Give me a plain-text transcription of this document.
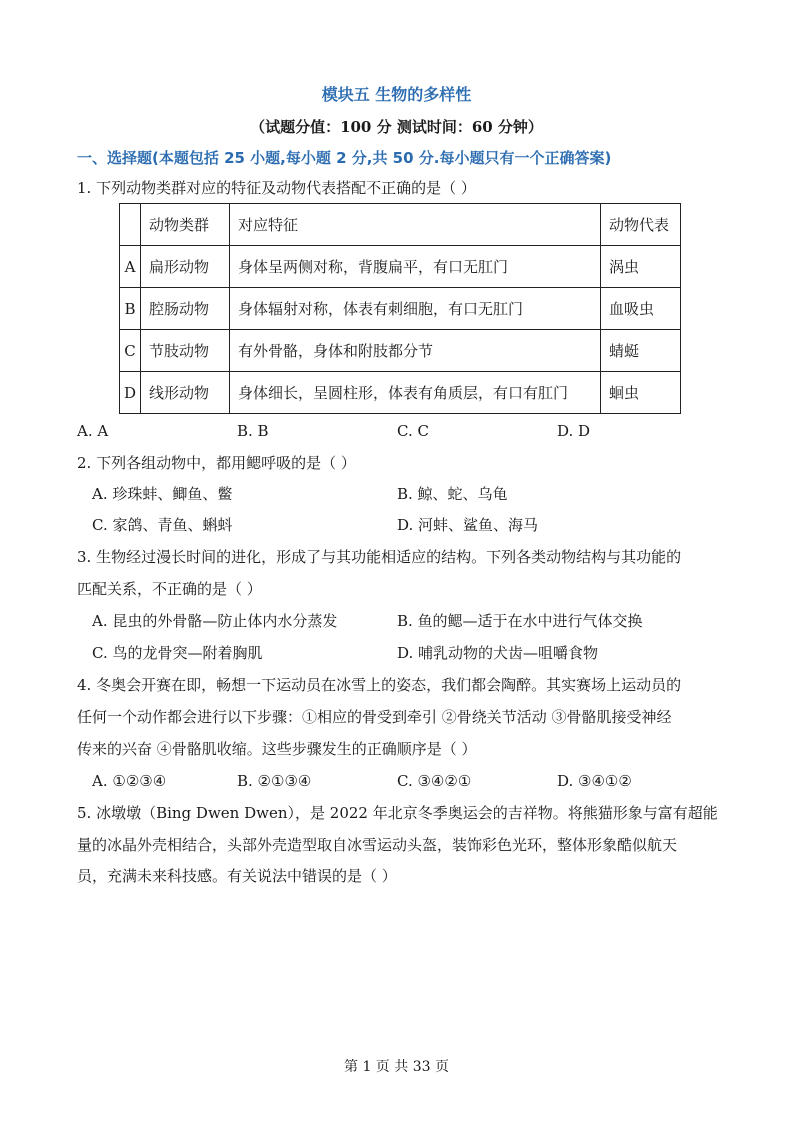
模块五 生物的多样性
（试题分值：100 分 测试时间：60 分钟）
一、选择题(本题包括 25 小题,每小题 2 分,共 50 分.每小题只有一个正确答案)
1. 下列动物类群对应的特征及动物代表搭配不正确的是（ ）
	动物类群	对应特征	动物代表
A	扁形动物	身体呈两侧对称，背腹扁平，有口无肛门	涡虫
B	腔肠动物	身体辐射对称，体表有刺细胞，有口无肛门	血吸虫
C	节肢动物	有外骨骼，身体和附肢都分节	蜻蜓
D	线形动物	身体细长，呈圆柱形，体表有角质层，有口有肛门	蛔虫
A. A	B. B	C. C	D. D
2. 下列各组动物中，都用鳃呼吸的是（ ）
A. 珍珠蚌、鲫鱼、鳖	B. 鲸、蛇、乌龟
C. 家鸽、青鱼、蝌蚪	D. 河蚌、鲨鱼、海马
3. 生物经过漫长时间的进化，形成了与其功能相适应的结构。下列各类动物结构与其功能的
匹配关系，不正确的是（ ）
A. 昆虫的外骨骼—防止体内水分蒸发	B. 鱼的鳃—适于在水中进行气体交换
C. 鸟的龙骨突—附着胸肌	D. 哺乳动物的犬齿—咀嚼食物
4. 冬奥会开赛在即，畅想一下运动员在冰雪上的姿态，我们都会陶醉。其实赛场上运动员的
任何一个动作都会进行以下步骤：①相应的骨受到牵引 ②骨绕关节活动 ③骨骼肌接受神经
传来的兴奋 ④骨骼肌收缩。这些步骤发生的正确顺序是（ ）
A. ①②③④	B. ②①③④	C. ③④②①	D. ③④①②
5. 冰墩墩（Bing Dwen Dwen），是 2022 年北京冬季奥运会的吉祥物。将熊猫形象与富有超能
量的冰晶外壳相结合，头部外壳造型取自冰雪运动头盔，装饰彩色光环，整体形象酷似航天
员，充满未来科技感。有关说法中错误的是（ ）
第 1 页 共 33 页
